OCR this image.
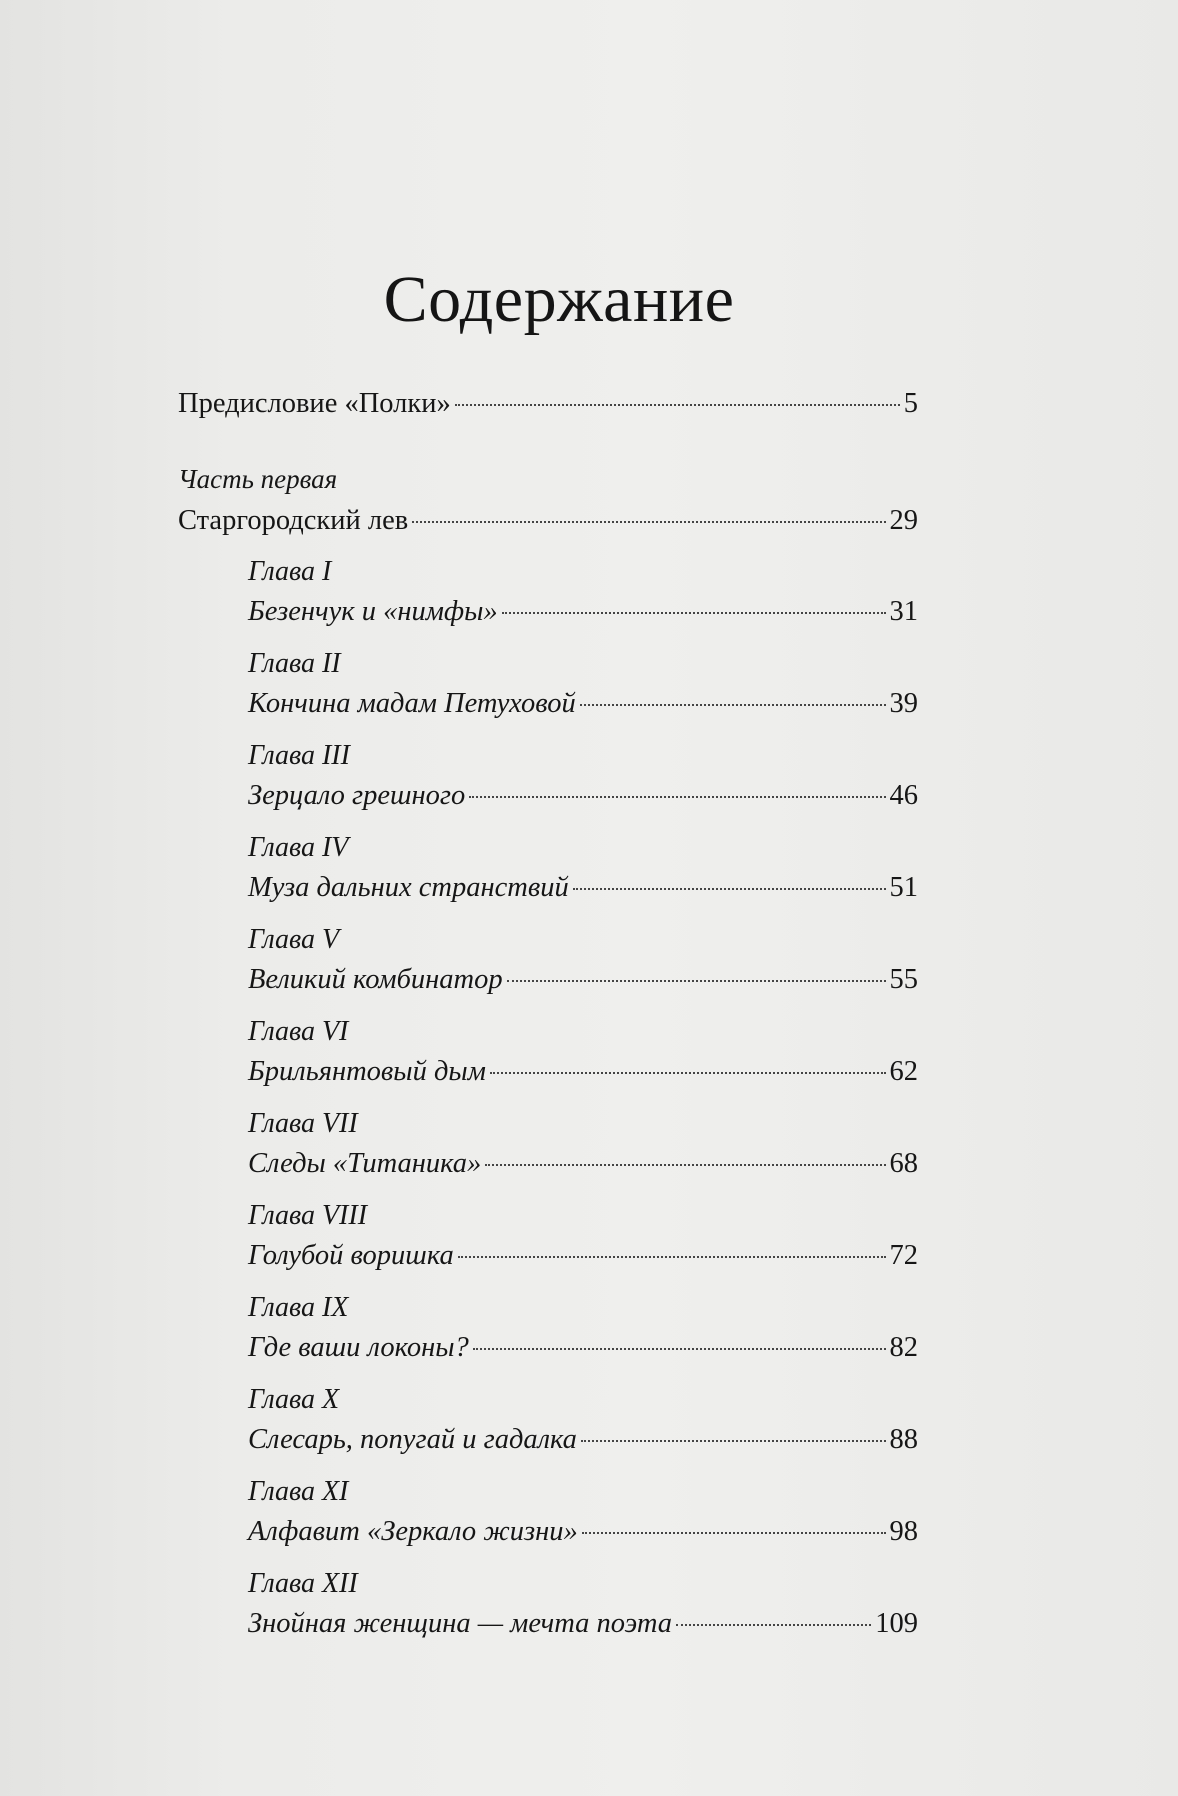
Содержание
Предисловие «Полки»	5
Часть первая
Старгородский лев	29
Глава I
Безенчук и «нимфы»	31
Глава II
Кончина мадам Петуховой	39
Глава III
Зерцало грешного	46
Глава IV
Муза дальних странствий	51
Глава V
Великий комбинатор	55
Глава VI
Брильянтовый дым	62
Глава VII
Следы «Титаника»	68
Глава VIII
Голубой воришка	72
Глава IX
Где ваши локоны?	82
Глава X
Слесарь, попугай и гадалка	88
Глава XI
Алфавит «Зеркало жизни»	98
Глава XII
Знойная женщина — мечта поэта	109
